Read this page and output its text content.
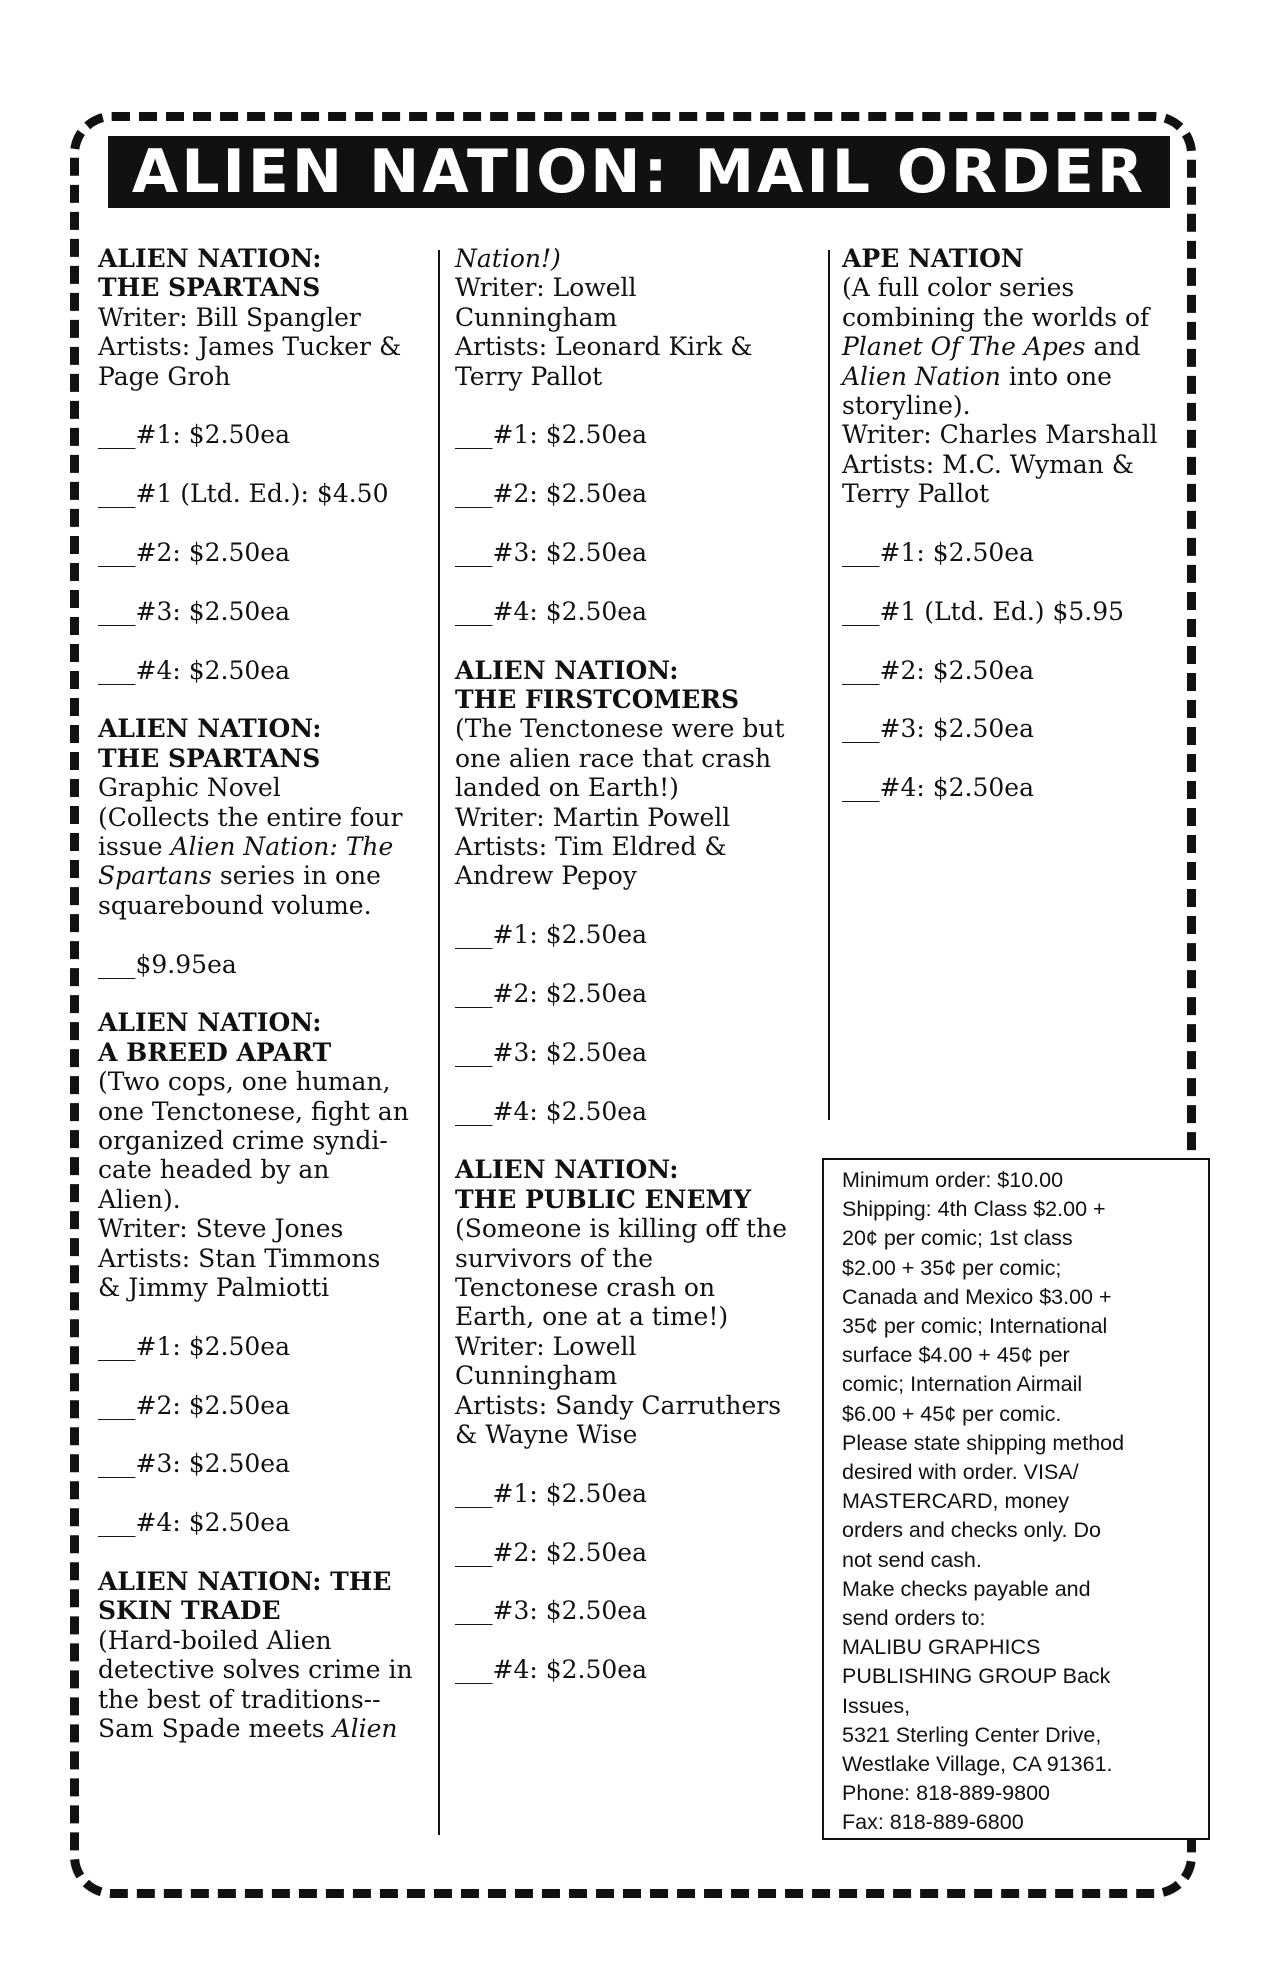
ALIEN NATION: MAIL ORDER
ALIEN NATION:
THE SPARTANS
Writer: Bill Spangler
Artists: James Tucker &
Page Groh
___#1: $2.50ea
___#1 (Ltd. Ed.): $4.50
___#2: $2.50ea
___#3: $2.50ea
___#4: $2.50ea
ALIEN NATION:
THE SPARTANS
Graphic Novel
(Collects the entire four
issue Alien Nation: The
Spartans series in one
squarebound volume.
___$9.95ea
ALIEN NATION:
A BREED APART
(Two cops, one human,
one Tenctonese, fight an
organized crime syndi-
cate headed by an
Alien).
Writer: Steve Jones
Artists: Stan Timmons
& Jimmy Palmiotti
___#1: $2.50ea
___#2: $2.50ea
___#3: $2.50ea
___#4: $2.50ea
ALIEN NATION: THE
SKIN TRADE
(Hard-boiled Alien
detective solves crime in
the best of traditions--
Sam Spade meets Alien
Nation!)
Writer: Lowell
Cunningham
Artists: Leonard Kirk &
Terry Pallot
___#1: $2.50ea
___#2: $2.50ea
___#3: $2.50ea
___#4: $2.50ea
ALIEN NATION:
THE FIRSTCOMERS
(The Tenctonese were but
one alien race that crash
landed on Earth!)
Writer: Martin Powell
Artists: Tim Eldred &
Andrew Pepoy
___#1: $2.50ea
___#2: $2.50ea
___#3: $2.50ea
___#4: $2.50ea
ALIEN NATION:
THE PUBLIC ENEMY
(Someone is killing off the
survivors of the
Tenctonese crash on
Earth, one at a time!)
Writer: Lowell
Cunningham
Artists: Sandy Carruthers
& Wayne Wise
___#1: $2.50ea
___#2: $2.50ea
___#3: $2.50ea
___#4: $2.50ea
APE NATION
(A full color series
combining the worlds of
Planet Of The Apes and
Alien Nation into one
storyline).
Writer: Charles Marshall
Artists: M.C. Wyman &
Terry Pallot
___#1: $2.50ea
___#1 (Ltd. Ed.) $5.95
___#2: $2.50ea
___#3: $2.50ea
___#4: $2.50ea
Minimum order: $10.00
Shipping: 4th Class $2.00 +
20¢ per comic; 1st class
$2.00 + 35¢ per comic;
Canada and Mexico $3.00 +
35¢ per comic; International
surface $4.00 + 45¢ per
comic; Internation Airmail
$6.00 + 45¢ per comic.
Please state shipping method
desired with order. VISA/
MASTERCARD, money
orders and checks only. Do
not send cash.
Make checks payable and
send orders to:
MALIBU GRAPHICS
PUBLISHING GROUP Back
Issues,
5321 Sterling Center Drive,
Westlake Village, CA 91361.
Phone: 818-889-9800
Fax: 818-889-6800
